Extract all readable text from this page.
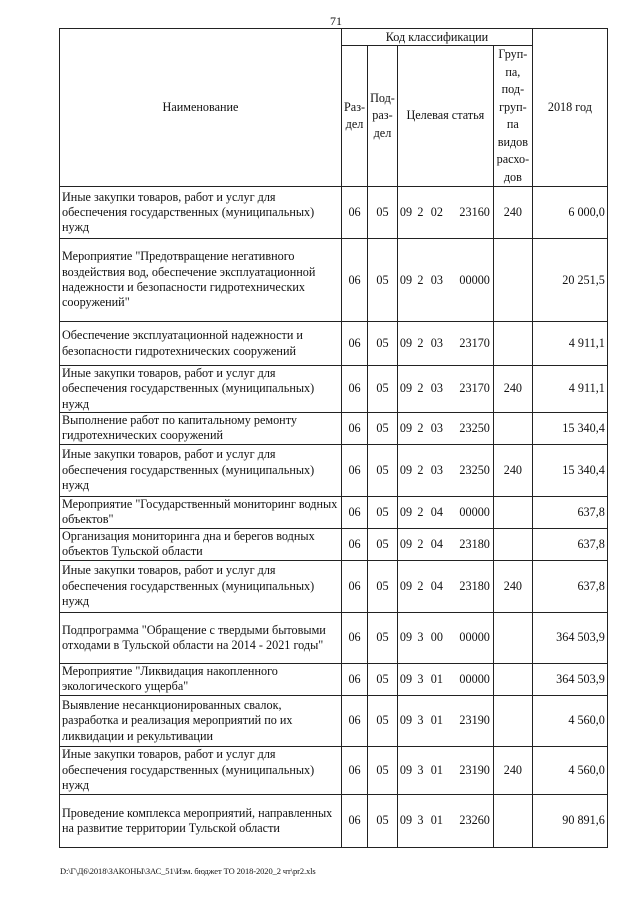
71
Наименование	Код классификации				2018 год
	Раз- дел	Под- раз- дел	Целевая статья	Груп- па, под- груп- па видов расхо- дов	
Иные закупки товаров, работ и услуг для обеспечения государственных (муниципальных) нужд	06	05	09 2 02 23160	240	6 000,0
Мероприятие "Предотвращение негативного воздействия вод, обеспечение эксплуатационной надежности и безопасности гидротехнических сооружений"	06	05	09 2 03 00000		20 251,5
Обеспечение эксплуатационной надежности и безопасности гидротехнических сооружений	06	05	09 2 03 23170		4 911,1
Иные закупки товаров, работ и услуг для обеспечения государственных (муниципальных) нужд	06	05	09 2 03 23170	240	4 911,1
Выполнение работ по капитальному ремонту гидротехнических сооружений	06	05	09 2 03 23250		15 340,4
Иные закупки товаров, работ и услуг для обеспечения государственных (муниципальных) нужд	06	05	09 2 03 23250	240	15 340,4
Мероприятие "Государственный мониторинг водных объектов"	06	05	09 2 04 00000		637,8
Организация мониторинга дна и берегов водных объектов Тульской области	06	05	09 2 04 23180		637,8
Иные закупки товаров, работ и услуг для обеспечения государственных (муниципальных) нужд	06	05	09 2 04 23180	240	637,8
Подпрограмма "Обращение с твердыми бытовыми отходами в Тульской области на 2014 - 2021 годы"	06	05	09 3 00 00000		364 503,9
Мероприятие "Ликвидация накопленного экологического ущерба"	06	05	09 3 01 00000		364 503,9
Выявление несанкционированных свалок, разработка и реализация мероприятий по их ликвидации и рекультивации	06	05	09 3 01 23190		4 560,0
Иные закупки товаров, работ и услуг для обеспечения государственных (муниципальных) нужд	06	05	09 3 01 23190	240	4 560,0
Проведение комплекса мероприятий, направленных на развитие территории Тульской области	06	05	09 3 01 23260		90 891,6
D:\Г\Д6\2018\ЗАКОНЫ\ЗАС_51\Изм. бюджет ТО 2018-2020_2 чт\pr2.xls
